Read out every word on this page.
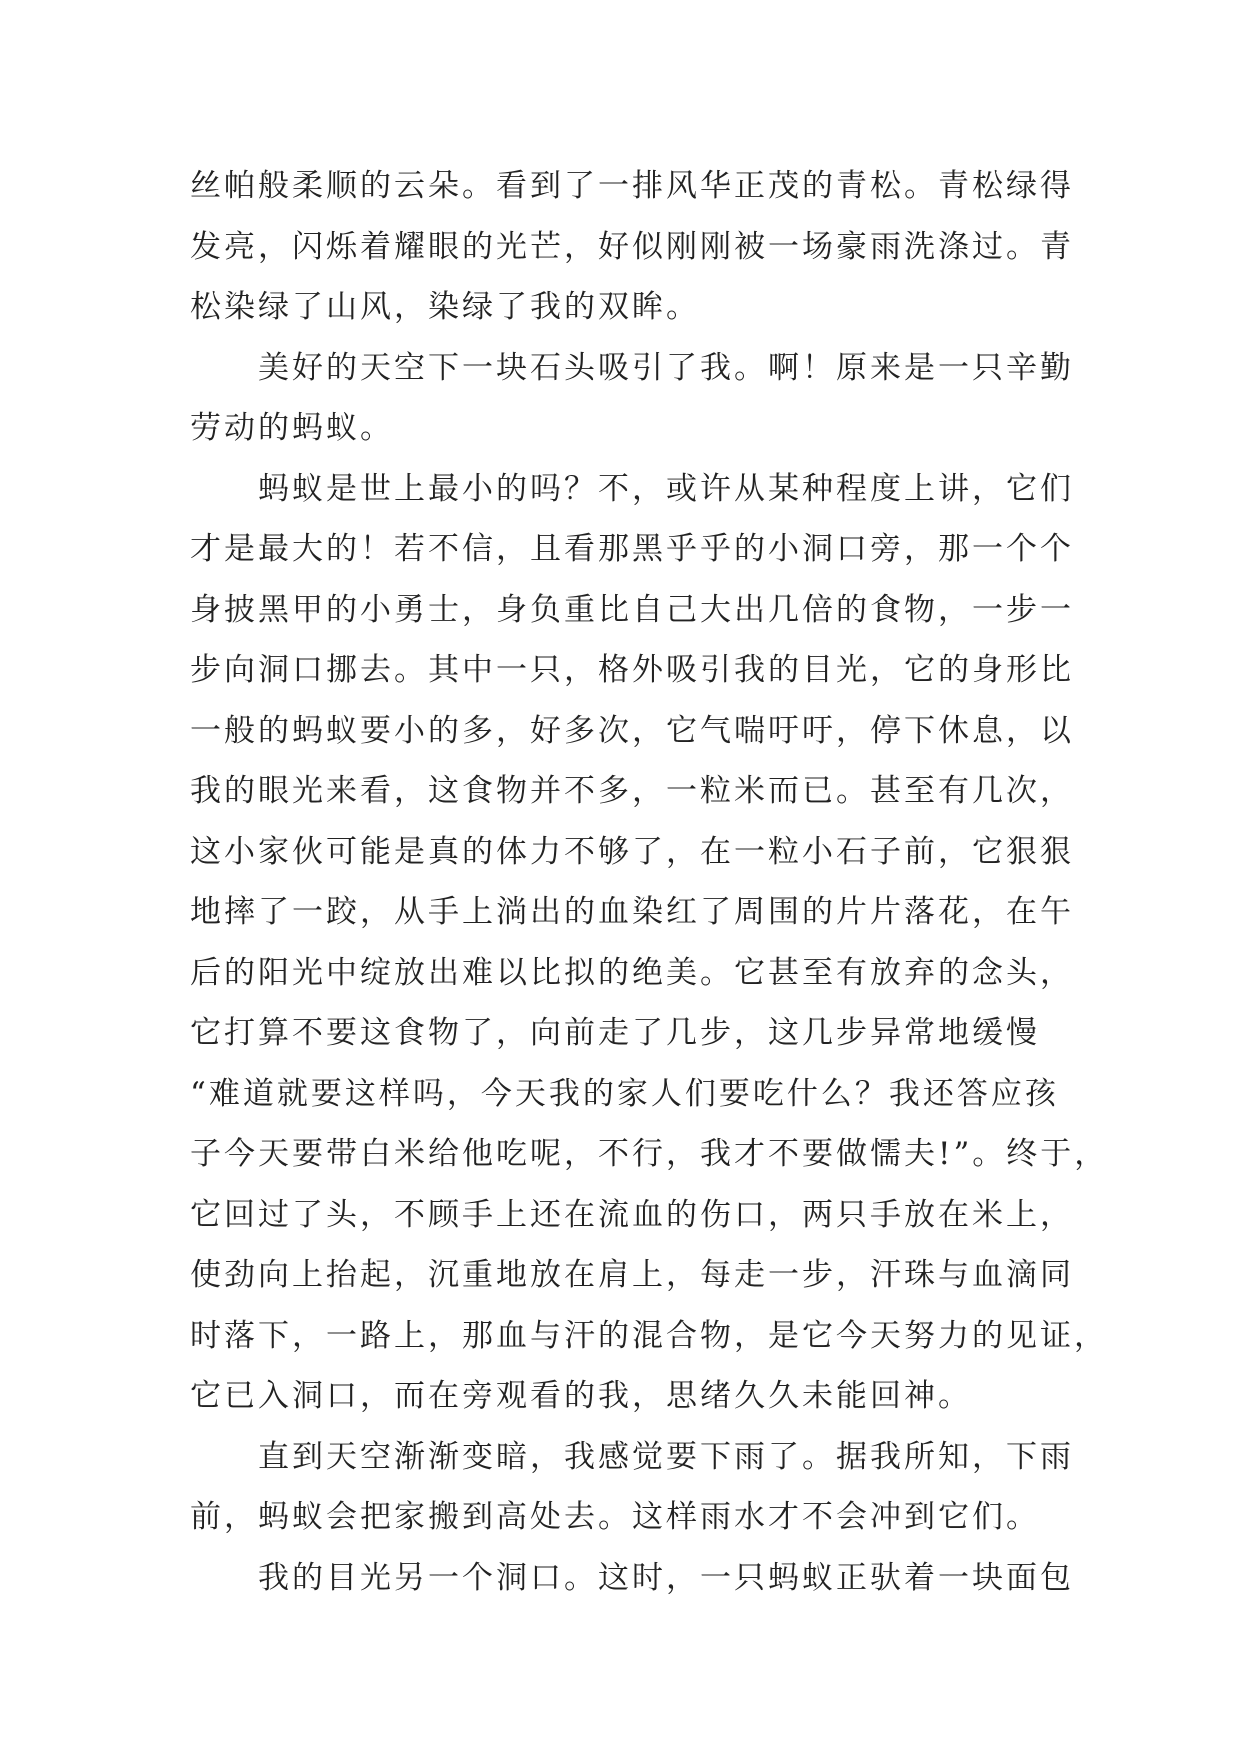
丝帕般柔顺的云朵。看到了一排风华正茂的青松。青松绿得
发亮，闪烁着耀眼的光芒，好似刚刚被一场豪雨洗涤过。青
松染绿了山风，染绿了我的双眸。
美好的天空下一块石头吸引了我。啊！原来是一只辛勤
劳动的蚂蚁。
蚂蚁是世上最小的吗？不，或许从某种程度上讲，它们
才是最大的！若不信，且看那黑乎乎的小洞口旁，那一个个
身披黑甲的小勇士，身负重比自己大出几倍的食物，一步一
步向洞口挪去。其中一只，格外吸引我的目光，它的身形比
一般的蚂蚁要小的多，好多次，它气喘吁吁，停下休息，以
我的眼光来看，这食物并不多，一粒米而已。甚至有几次，
这小家伙可能是真的体力不够了，在一粒小石子前，它狠狠
地摔了一跤，从手上淌出的血染红了周围的片片落花，在午
后的阳光中绽放出难以比拟的绝美。它甚至有放弃的念头，
它打算不要这食物了，向前走了几步，这几步异常地缓慢
“难道就要这样吗，今天我的家人们要吃什么？我还答应孩
子今天要带白米给他吃呢，不行，我才不要做懦夫!”。终于，
它回过了头，不顾手上还在流血的伤口，两只手放在米上，
使劲向上抬起，沉重地放在肩上，每走一步，汗珠与血滴同
时落下，一路上，那血与汗的混合物，是它今天努力的见证，
它已入洞口，而在旁观看的我，思绪久久未能回神。
直到天空渐渐变暗，我感觉要下雨了。据我所知，下雨
前，蚂蚁会把家搬到高处去。这样雨水才不会冲到它们。
我的目光另一个洞口。这时，一只蚂蚁正驮着一块面包
